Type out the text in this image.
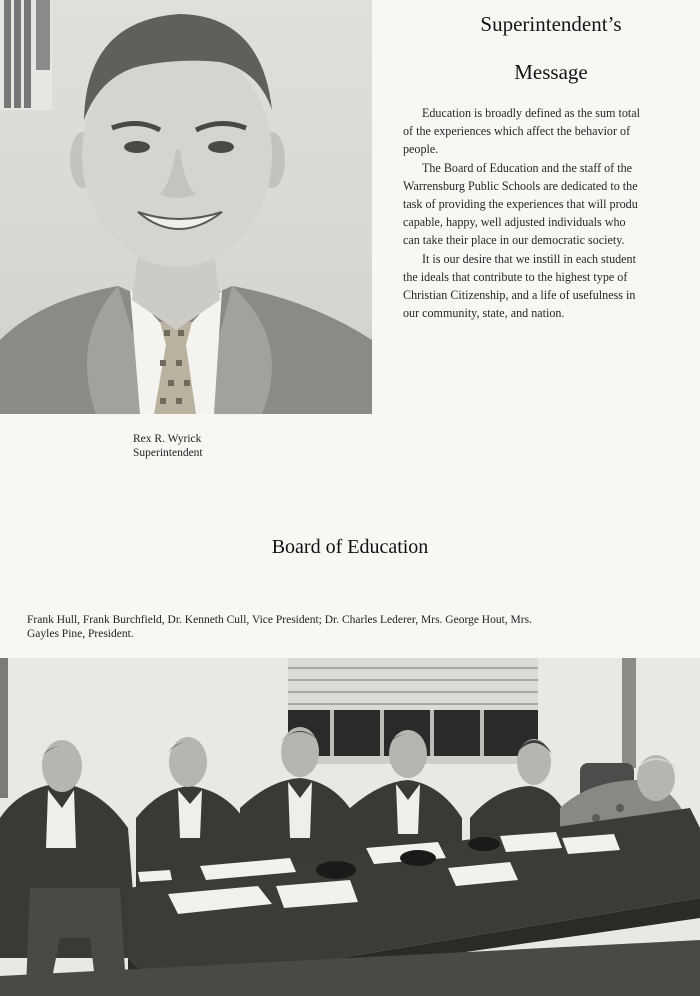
Rex R. Wyrick
Superintendent
Superintendent’s
Message
Education is broadly defined as the sum total
of the experiences which affect the behavior of
people.
The Board of Education and the staff of the
Warrensburg Public Schools are dedicated to the
task of providing the experiences that will produ
capable, happy, well adjusted individuals who
can take their place in our democratic society.
It is our desire that we instill in each student
the ideals that contribute to the highest type of
Christian Citizenship, and a life of usefulness in
our community, state, and nation.
Board of Education
Frank Hull, Frank Burchfield, Dr. Kenneth Cull, Vice President; Dr. Charles Lederer, Mrs. George Hout, Mrs.
Gayles Pine, President.
